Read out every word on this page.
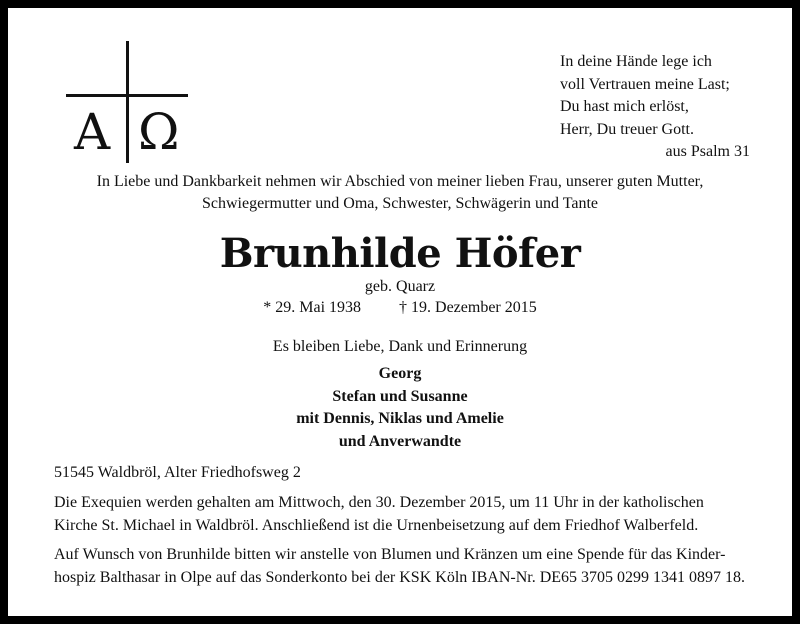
Α Ω
In deine Hände lege ich
voll Vertrauen meine Last;
Du hast mich erlöst,
Herr, Du treuer Gott.
aus Psalm 31
In Liebe und Dankbarkeit nehmen wir Abschied von meiner lieben Frau, unserer guten Mutter,
Schwiegermutter und Oma, Schwester, Schwägerin und Tante
Brunhilde Höfer
geb. Quarz
* 29. Mai 1938 † 19. Dezember 2015
Es bleiben Liebe, Dank und Erinnerung
Georg
Stefan und Susanne
mit Dennis, Niklas und Amelie
und Anverwandte
51545 Waldbröl, Alter Friedhofsweg 2
Die Exequien werden gehalten am Mittwoch, den 30. Dezember 2015, um 11 Uhr in der katholischen
Kirche St. Michael in Waldbröl. Anschließend ist die Urnenbeisetzung auf dem Friedhof Walberfeld.
Auf Wunsch von Brunhilde bitten wir anstelle von Blumen und Kränzen um eine Spende für das Kinder-
hospiz Balthasar in Olpe auf das Sonderkonto bei der KSK Köln IBAN-Nr. DE65 3705 0299 1341 0897 18.
